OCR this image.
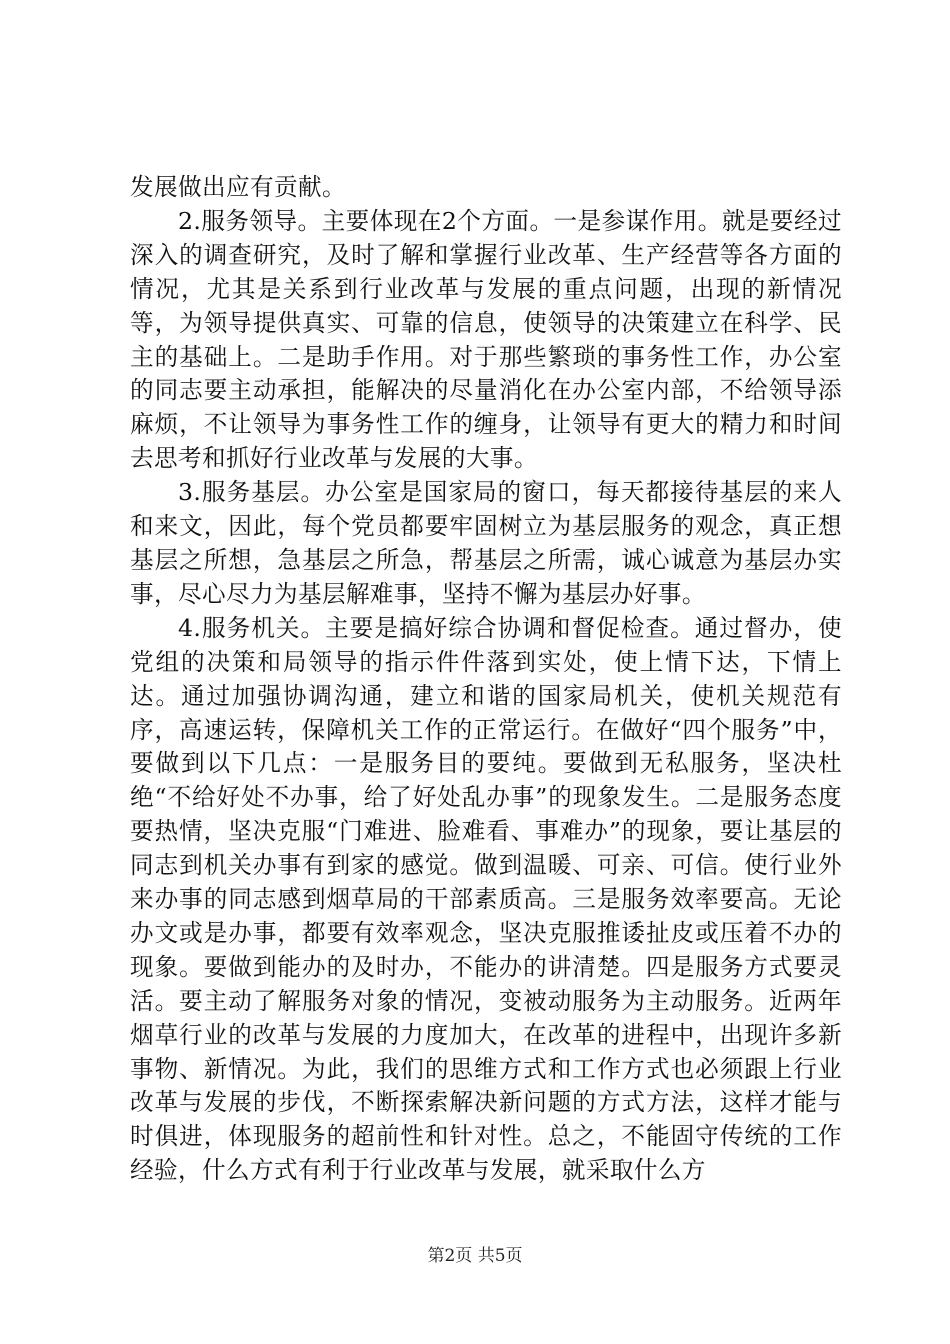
发展做出应有贡献。

2.服务领导。主要体现在2个方面。一是参谋作用。就是要经过深入的调查研究，及时了解和掌握行业改革、生产经营等各方面的情况，尤其是关系到行业改革与发展的重点问题，出现的新情况等，为领导提供真实、可靠的信息，使领导的决策建立在科学、民主的基础上。二是助手作用。对于那些繁琐的事务性工作，办公室的同志要主动承担，能解决的尽量消化在办公室内部，不给领导添麻烦，不让领导为事务性工作的缠身，让领导有更大的精力和时间去思考和抓好行业改革与发展的大事。

3.服务基层。办公室是国家局的窗口，每天都接待基层的来人和来文，因此，每个党员都要牢固树立为基层服务的观念，真正想基层之所想，急基层之所急，帮基层之所需，诚心诚意为基层办实事，尽心尽力为基层解难事，坚持不懈为基层办好事。

4.服务机关。主要是搞好综合协调和督促检查。通过督办，使党组的决策和局领导的指示件件落到实处，使上情下达，下情上达。通过加强协调沟通，建立和谐的国家局机关，使机关规范有序，高速运转，保障机关工作的正常运行。在做好“四个服务”中，要做到以下几点：一是服务目的要纯。要做到无私服务，坚决杜绝“不给好处不办事，给了好处乱办事”的现象发生。二是服务态度要热情，坚决克服“门难进、脸难看、事难办”的现象，要让基层的同志到机关办事有到家的感觉。做到温暖、可亲、可信。使行业外来办事的同志感到烟草局的干部素质高。三是服务效率要高。无论办文或是办事，都要有效率观念，坚决克服推诿扯皮或压着不办的现象。要做到能办的及时办，不能办的讲清楚。四是服务方式要灵活。要主动了解服务对象的情况，变被动服务为主动服务。近两年烟草行业的改革与发展的力度加大，在改革的进程中，出现许多新事物、新情况。为此，我们的思维方式和工作方式也必须跟上行业改革与发展的步伐，不断探索解决新问题的方式方法，这样才能与时俱进，体现服务的超前性和针对性。总之，不能固守传统的工作经验，什么方式有利于行业改革与发展，就采取什么方

第2页 共5页
